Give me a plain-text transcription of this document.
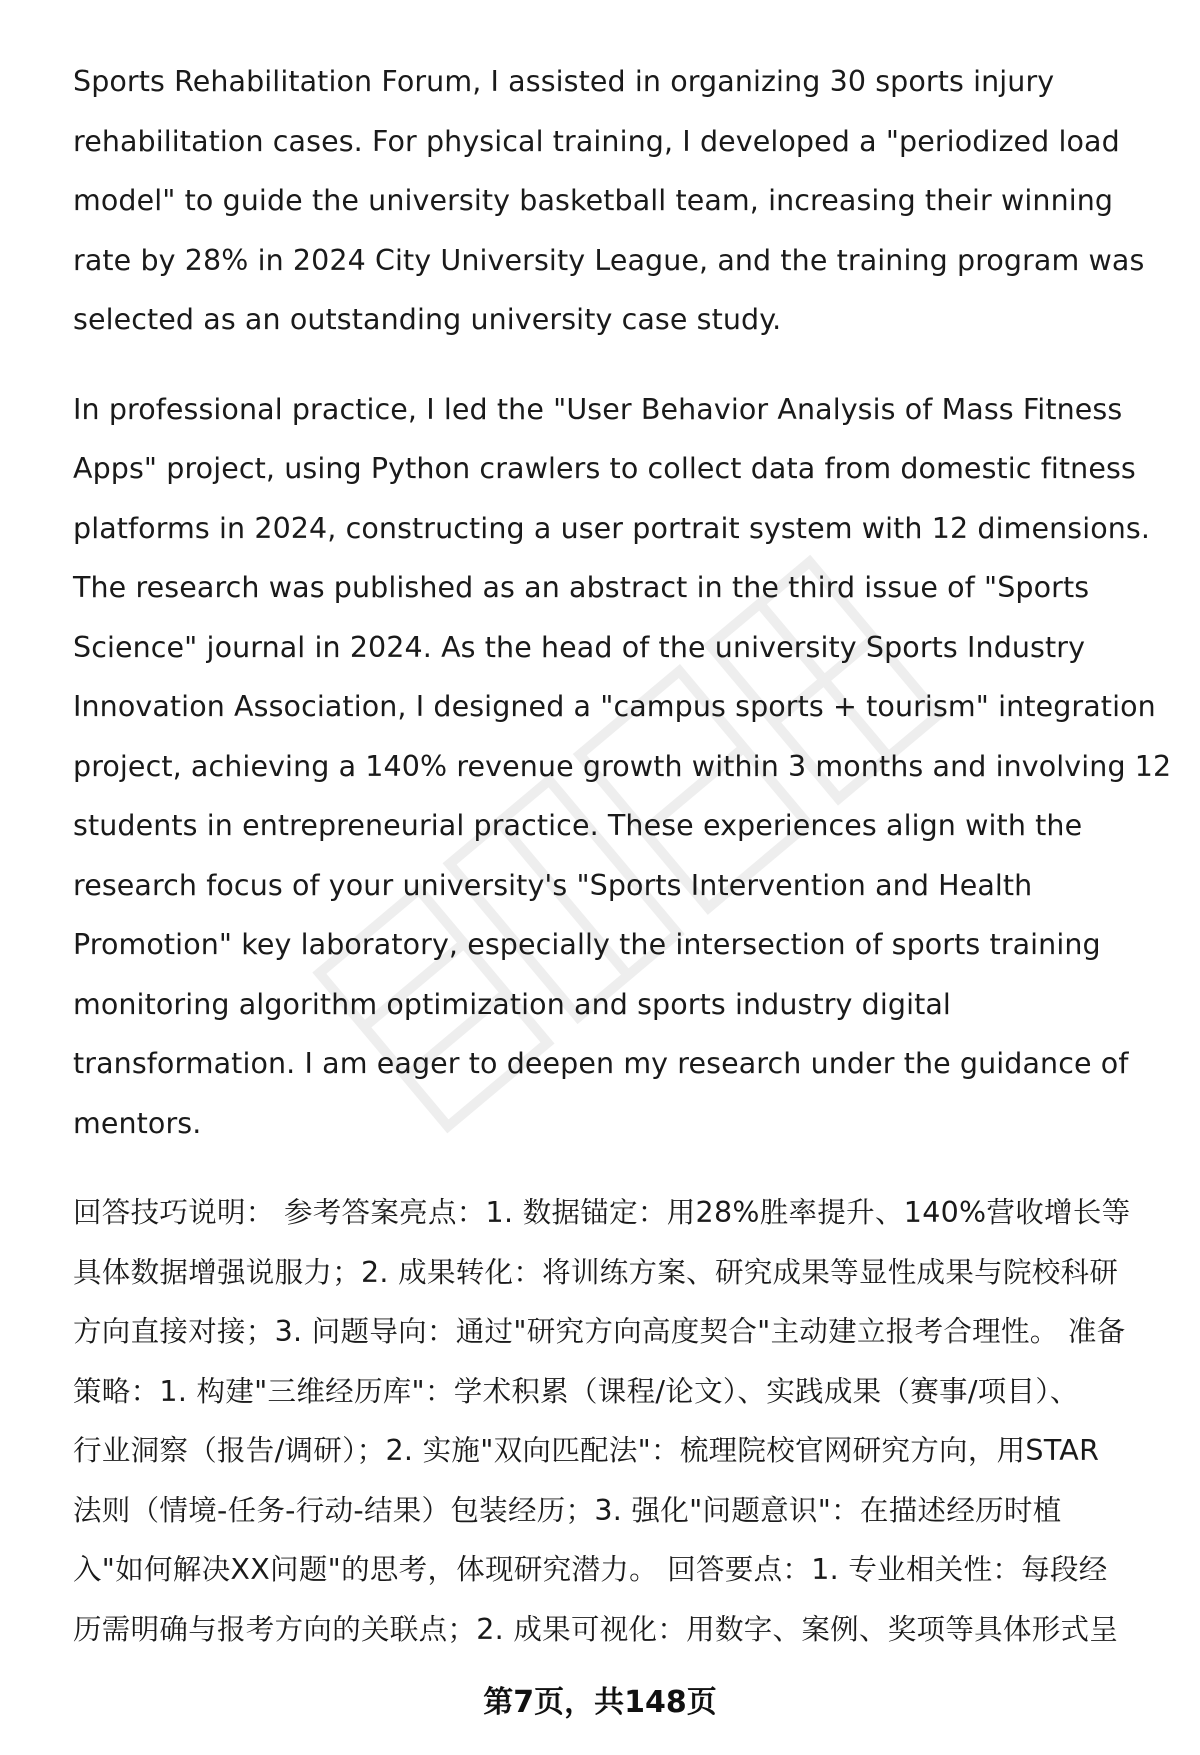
Sports Rehabilitation Forum, I assisted in organizing 30 sports injury
rehabilitation cases. For physical training, I developed a "periodized load
model" to guide the university basketball team, increasing their winning
rate by 28% in 2024 City University League, and the training program was
selected as an outstanding university case study.

In professional practice, I led the "User Behavior Analysis of Mass Fitness
Apps" project, using Python crawlers to collect data from domestic fitness
platforms in 2024, constructing a user portrait system with 12 dimensions.
The research was published as an abstract in the third issue of "Sports
Science" journal in 2024. As the head of the university Sports Industry
Innovation Association, I designed a "campus sports + tourism" integration
project, achieving a 140% revenue growth within 3 months and involving 12
students in entrepreneurial practice. These experiences align with the
research focus of your university's "Sports Intervention and Health
Promotion" key laboratory, especially the intersection of sports training
monitoring algorithm optimization and sports industry digital
transformation. I am eager to deepen my research under the guidance of
mentors.

回答技巧说明： 参考答案亮点：1. 数据锚定：用28%胜率提升、140%营收增长等
具体数据增强说服力；2. 成果转化：将训练方案、研究成果等显性成果与院校科研
方向直接对接；3. 问题导向：通过"研究方向高度契合"主动建立报考合理性。 准备
策略：1. 构建"三维经历库"：学术积累（课程/论文）、实践成果（赛事/项目）、
行业洞察（报告/调研）；2. 实施"双向匹配法"：梳理院校官网研究方向，用STAR
法则（情境-任务-行动-结果）包装经历；3. 强化"问题意识"：在描述经历时植
入"如何解决XX问题"的思考，体现研究潜力。 回答要点：1. 专业相关性：每段经
历需明确与报考方向的关联点；2. 成果可视化：用数字、案例、奖项等具体形式呈

第7页，共148页
